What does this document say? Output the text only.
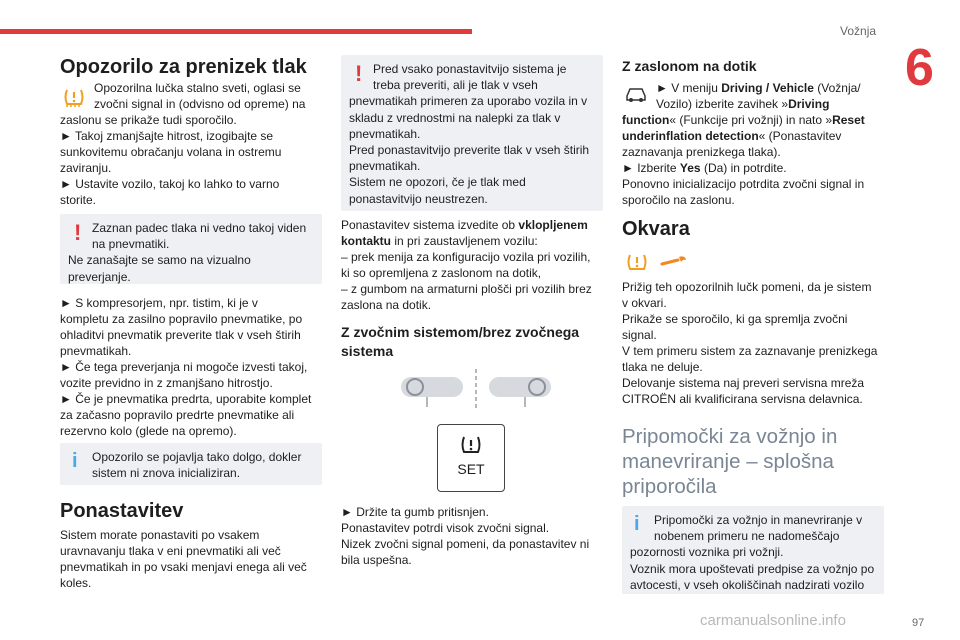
Vožnja
6
97
Opozorilo za prenizek tlak

Opozorilna lučka stalno sveti, oglasi se

zvočni signal in (odvisno od opreme) na

zaslonu se prikaže tudi sporočilo.

► Takoj zmanjšajte hitrost, izogibajte se

sunkovitemu obračanju volana in ostremu

zaviranju.

► Ustavite vozilo, takoj ko lahko to varno

storite.

! Zaznan padec tlaka ni vedno takoj viden
na pnevmatiki.
Ne zanašajte se samo na vizualno
preverjanje.

► S kompresorjem, npr. tistim, ki je v

kompletu za zasilno popravilo pnevmatike, po

ohladitvi pnevmatik preverite tlak v vseh štirih

pnevmatikah.

► Če tega preverjanja ni mogoče izvesti takoj,

vozite previdno in z zmanjšano hitrostjo.

► Če je pnevmatika predrta, uporabite komplet

za začasno popravilo predrte pnevmatike ali

rezervno kolo (glede na opremo).

i	Opozorilo se pojavlja tako dolgo, dokler
sistem ni znova inicializiran.
Ponastavitev

Sistem morate ponastaviti po vsakem

uravnavanju tlaka v eni pnevmatiki ali več

pnevmatikah in po vsaki menjavi enega ali več

koles.

! Pred vsako ponastavitvijo sistema je
treba preveriti, ali je tlak v vseh
pnevmatikah primeren za uporabo vozila in v
skladu z vrednostmi na nalepki za tlak v
pnevmatikah.
Pred ponastavitvijo preverite tlak v vseh štirih
pnevmatikah.
Sistem ne opozori, če je tlak med
ponastavitvijo neustrezen.

Ponastavitev sistema izvedite ob vklopljenem

kontaktu in pri zaustavljenem vozilu:

– prek menija za konfiguracijo vozila pri vozilih,

ki so opremljena z zaslonom na dotik,

– z gumbom na armaturni plošči pri vozilih brez

zaslona na dotik.

Z zvočnim sistemom/brez zvočnega
sistema
SET

► Držite ta gumb pritisnjen.

Ponastavitev potrdi visok zvočni signal.

Nizek zvočni signal pomeni, da ponastavitev ni

bila uspešna.

Z zaslonom na dotik

► V meniju Driving / Vehicle (Vožnja/

Vozilo) izberite zavihek »Driving

function« (Funkcije pri vožnji) in nato »Reset

underinflation detection« (Ponastavitev

zaznavanja prenizkega tlaka).

► Izberite Yes (Da) in potrdite.

Ponovno inicializacijo potrdita zvočni signal in

sporočilo na zaslonu.

Okvara

Prižig teh opozorilnih lučk pomeni, da je sistem

v okvari.

Prikaže se sporočilo, ki ga spremlja zvočni

signal.

V tem primeru sistem za zaznavanje prenizkega

tlaka ne deluje.

Delovanje sistema naj preveri servisna mreža

CITROËN ali kvalificirana servisna delavnica.

Pripomočki za vožnjo in
manevriranje – splošna
priporočila
i	Pripomočki za vožnjo in manevriranje v
nobenem primeru ne nadomeščajo
pozornosti voznika pri vožnji.
Voznik mora upoštevati predpise za vožnjo po
avtocesti, v vseh okoliščinah nadzirati vozilo
carmanualsonline.info
